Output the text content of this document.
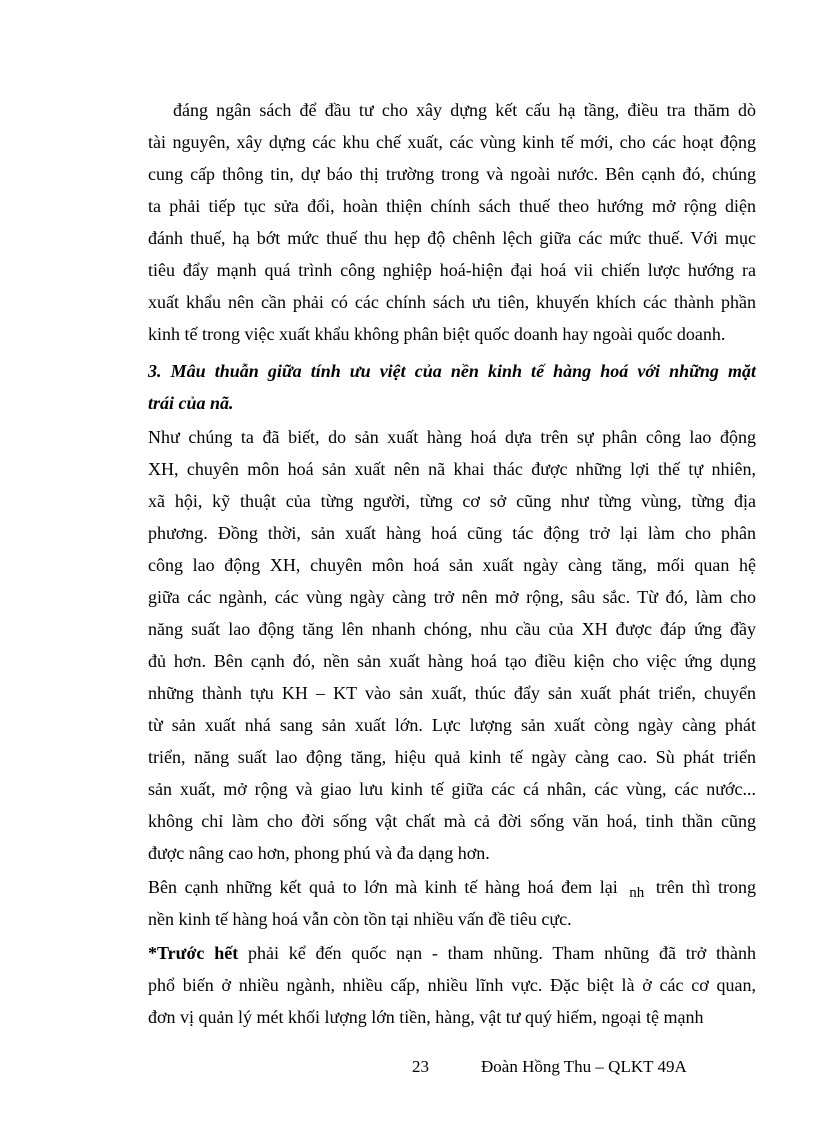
đáng ngân sách để đầu tư cho xây dựng kết cấu hạ tầng, điều tra thăm dò
tài nguyên, xây dựng các khu chế xuất, các vùng kinh tế mới, cho các hoạt động
cung cấp thông tin, dự báo thị trường trong và ngoài nước. Bên cạnh đó, chúng
ta phải tiếp tục sửa đổi, hoàn thiện chính sách thuế theo hướng mở rộng diện
đánh thuế, hạ bớt mức thuế thu hẹp độ chênh lệch giữa các mức thuế. Với mục
tiêu đẩy mạnh quá trình công nghiệp hoá-hiện đại hoá vii chiến lược hướng ra
xuất khẩu nên cần phải có các chính sách ưu tiên, khuyến khích các thành phần
kinh tế trong việc xuất khẩu không phân biệt quốc doanh hay ngoài quốc doanh.
3. Mâu thuẫn giữa tính ưu việt của nền kinh tế hàng hoá với những mặt
trái của nã.
Như chúng ta đã biết, do sản xuất hàng hoá dựa trên sự phân công lao động
XH, chuyên môn hoá sản xuất nên nã khai thác được những lợi thế tự nhiên,
xã hội, kỹ thuật của từng người, từng cơ sở cũng như từng vùng, từng địa
phương. Đồng thời, sản xuất hàng hoá cũng tác động trở lại làm cho phân
công lao động XH, chuyên môn hoá sản xuất ngày càng tăng, mối quan hệ
giữa các ngành, các vùng ngày càng trở nên mở rộng, sâu sắc. Từ đó, làm cho
năng suất lao động tăng lên nhanh chóng, nhu cầu của XH được đáp ứng đầy
đủ hơn. Bên cạnh đó, nền sản xuất hàng hoá tạo điều kiện cho việc ứng dụng
những thành tựu KH – KT vào sản xuất, thúc đẩy sản xuất phát triển, chuyển
từ sản xuất nhá sang sản xuất lớn. Lực lượng sản xuất còng ngày càng phát
triển, năng suất lao động tăng, hiệu quả kinh tế ngày càng cao. Sù phát triển
sản xuất, mở rộng và giao lưu kinh tế giữa các cá nhân, các vùng, các nước...
không chỉ làm cho đời sống vật chất mà cả đời sống văn hoá, tinh thần cũng
được nâng cao hơn, phong phú và đa dạng hơn.
Bên cạnh những kết quả to lớn mà kinh tế hàng hoá đem lại $_{nh}$ trên thì trong
nền kinh tế hàng hoá vẫn còn tồn tại nhiều vấn đề tiêu cực.
*Trước hết phải kể đến quốc nạn - tham nhũng. Tham nhũng đã trở thành
phổ biến ở nhiều ngành, nhiều cấp, nhiều lĩnh vực. Đặc biệt là ở các cơ quan,
đơn vị quản lý mét khối lượng lớn tiền, hàng, vật tư quý hiếm, ngoại tệ mạnh
23	Đoàn Hồng Thu – QLKT 49A
